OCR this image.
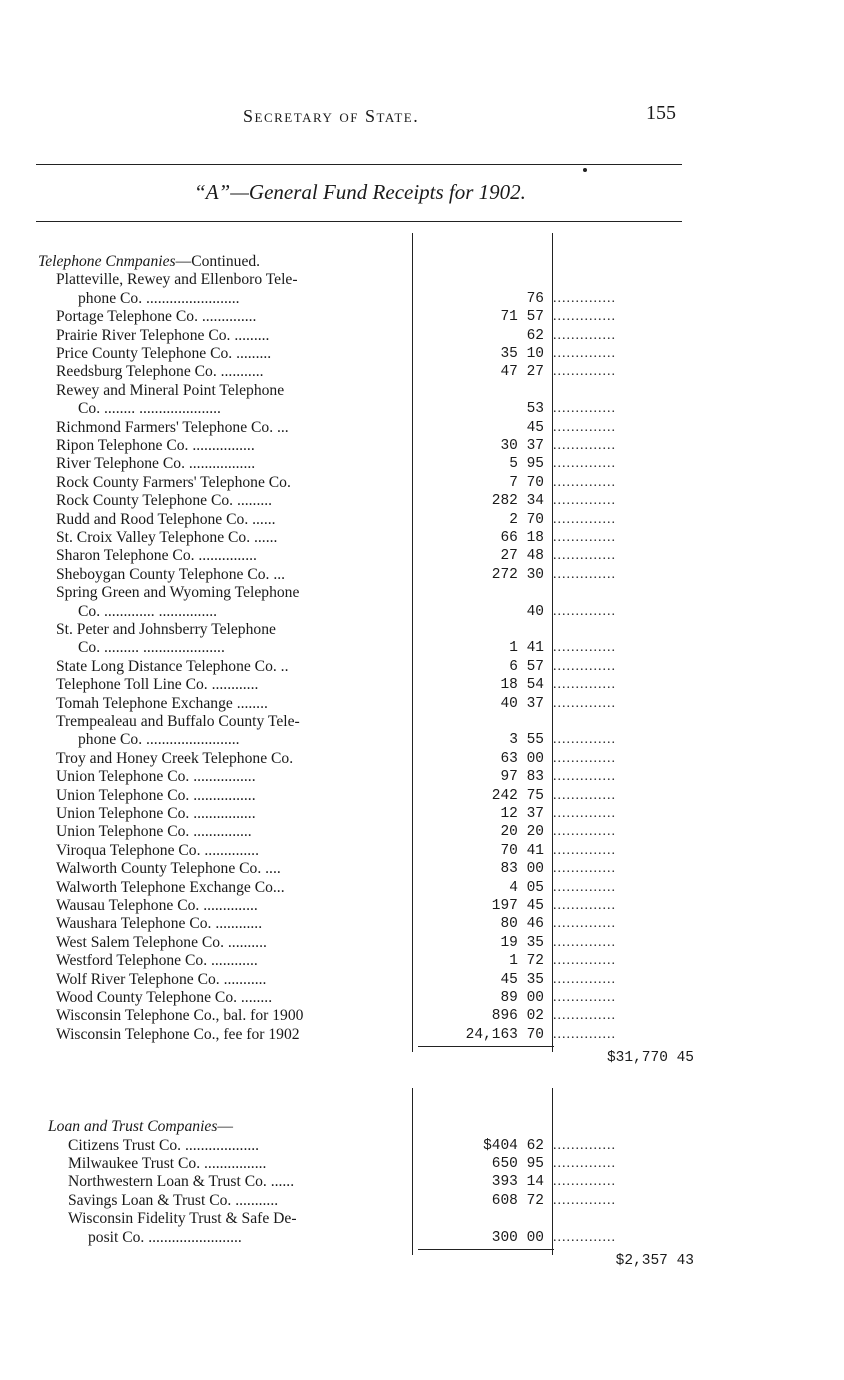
Secretary of State.	155
“A”—General Fund Receipts for 1902.
Telephone Cnmpanies—Continued.
Platteville, Rewey and Ellenboro Tele-
phone Co. ........................	76 ..............
Portage Telephone Co. ..............	71 57 ..............
Prairie River Telephone Co. .........	62 ..............
Price County Telephone Co. .........	35 10 ..............
Reedsburg Telephone Co. ...........	47 27 ..............
Rewey and Mineral Point Telephone
Co. ........ .....................	53 ..............
Richmond Farmers' Telephone Co. ...	45 ..............
Ripon Telephone Co. ................	30 37 ..............
River Telephone Co. .................	5 95 ..............
Rock County Farmers' Telephone Co.	7 70 ..............
Rock County Telephone Co. .........	282 34 ..............
Rudd and Rood Telephone Co. ......	2 70 ..............
St. Croix Valley Telephone Co. ......	66 18 ..............
Sharon Telephone Co. ...............	27 48 ..............
Sheboygan County Telephone Co. ...	272 30 ..............
Spring Green and Wyoming Telephone
Co. ............. ...............	40 ..............
St. Peter and Johnsberry Telephone
Co. ......... .....................	1 41 ..............
State Long Distance Telephone Co. ..	6 57 ..............
Telephone Toll Line Co. ............	18 54 ..............
Tomah Telephone Exchange ........	40 37 ..............
Trempealeau and Buffalo County Tele-
phone Co. ........................	3 55 ..............
Troy and Honey Creek Telephone Co.	63 00 ..............
Union Telephone Co. ................	97 83 ..............
Union Telephone Co. ................	242 75 ..............
Union Telephone Co. ................	12 37 ..............
Union Telephone Co. ...............	20 20 ..............
Viroqua Telephone Co. ..............	70 41 ..............
Walworth County Telephone Co. ....	83 00 ..............
Walworth Telephone Exchange Co...	4 05 ..............
Wausau Telephone Co. ..............	197 45 ..............
Waushara Telephone Co. ............	80 46 ..............
West Salem Telephone Co. ..........	19 35 ..............
Westford Telephone Co. ............	1 72 ..............
Wolf River Telephone Co. ...........	45 35 ..............
Wood County Telephone Co. ........	89 00 ..............
Wisconsin Telephone Co., bal. for 1900	896 02 ..............
Wisconsin Telephone Co., fee for 1902	24,163 70 ..............
$31,770 45
Loan and Trust Companies—
Citizens Trust Co. ...................	$404 62 ..............
Milwaukee Trust Co. ................	650 95 ..............
Northwestern Loan & Trust Co. ......	393 14 ..............
Savings Loan & Trust Co. ...........	608 72 ..............
Wisconsin Fidelity Trust & Safe De-
posit Co. ........................	300 00 ..............
$2,357 43
